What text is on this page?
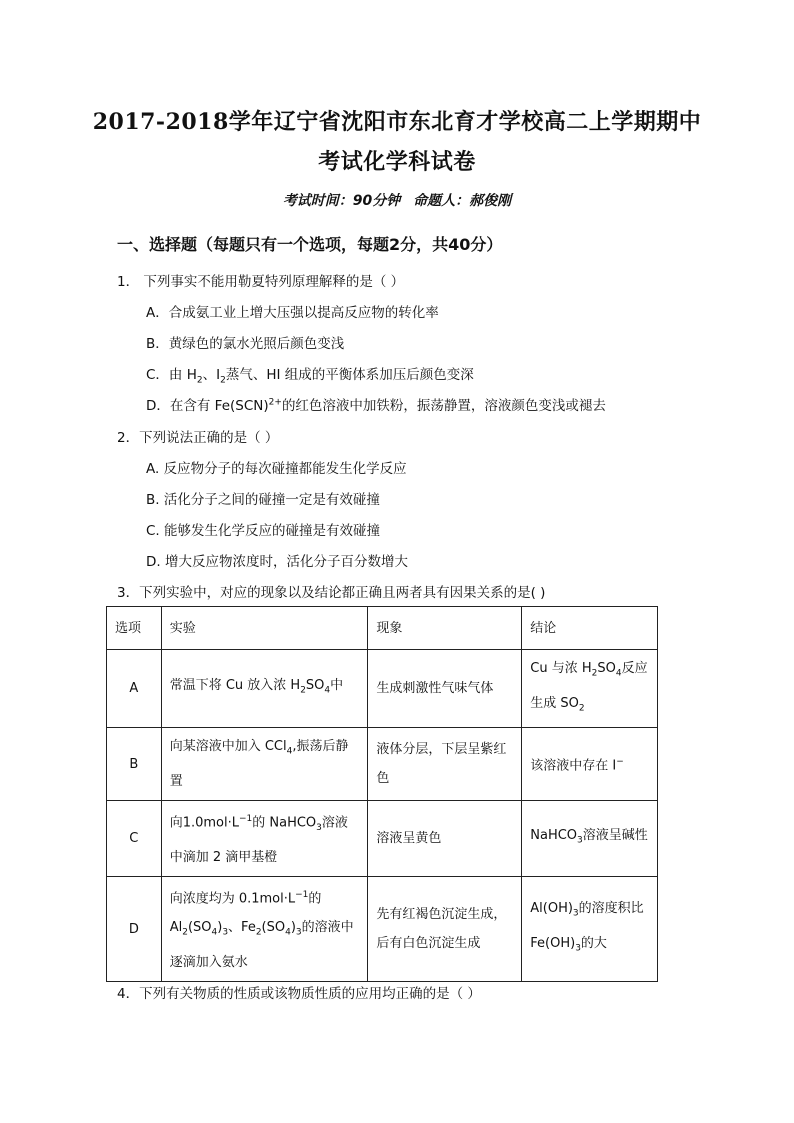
2017-2018学年辽宁省沈阳市东北育才学校高二上学期期中
考试化学科试卷
考试时间：90分钟 命题人：郝俊刚
一、选择题（每题只有一个选项，每题2分，共40分）
1． 下列事实不能用勒夏特列原理解释的是（ ）
A．合成氨工业上增大压强以提高反应物的转化率
B．黄绿色的氯水光照后颜色变浅
C．由 $H_2$、$I_2$蒸气、HI 组成的平衡体系加压后颜色变深
D．在含有 Fe(SCN)$^{2+}$的红色溶液中加铁粉，振荡静置，溶液颜色变浅或褪去
2．下列说法正确的是（ ）
A. 反应物分子的每次碰撞都能发生化学反应
B. 活化分子之间的碰撞一定是有效碰撞
C. 能够发生化学反应的碰撞是有效碰撞
D. 增大反应物浓度时，活化分子百分数增大
3．下列实验中，对应的现象以及结论都正确且两者具有因果关系的是( )
选项	实验	现象	结论
A	常温下将 Cu 放入浓 $H_2SO_4$中	生成刺激性气味气体	Cu 与浓 $H_2SO_4$反应生成 $SO_2$
B	向某溶液中加入 CCl$_4$,振荡后静置	液体分层，下层呈紫红色	该溶液中存在 I−
C	向$1.0mol\cdot L^{-1}$的 NaHCO$_3$溶液中滴加 2 滴甲基橙	溶液呈黄色	NaHCO$_3$溶液呈碱性
D	向浓度均为 $0.1mol\cdot L^{-1}$的 $Al_2(SO_4)_3$、$Fe_2(SO_4)_3$的溶液中逐滴加入氨水	先有红褐色沉淀生成，后有白色沉淀生成	$Al(OH)_3$的溶度积比 $Fe(OH)_3$的大
4．下列有关物质的性质或该物质性质的应用均正确的是（ ）
